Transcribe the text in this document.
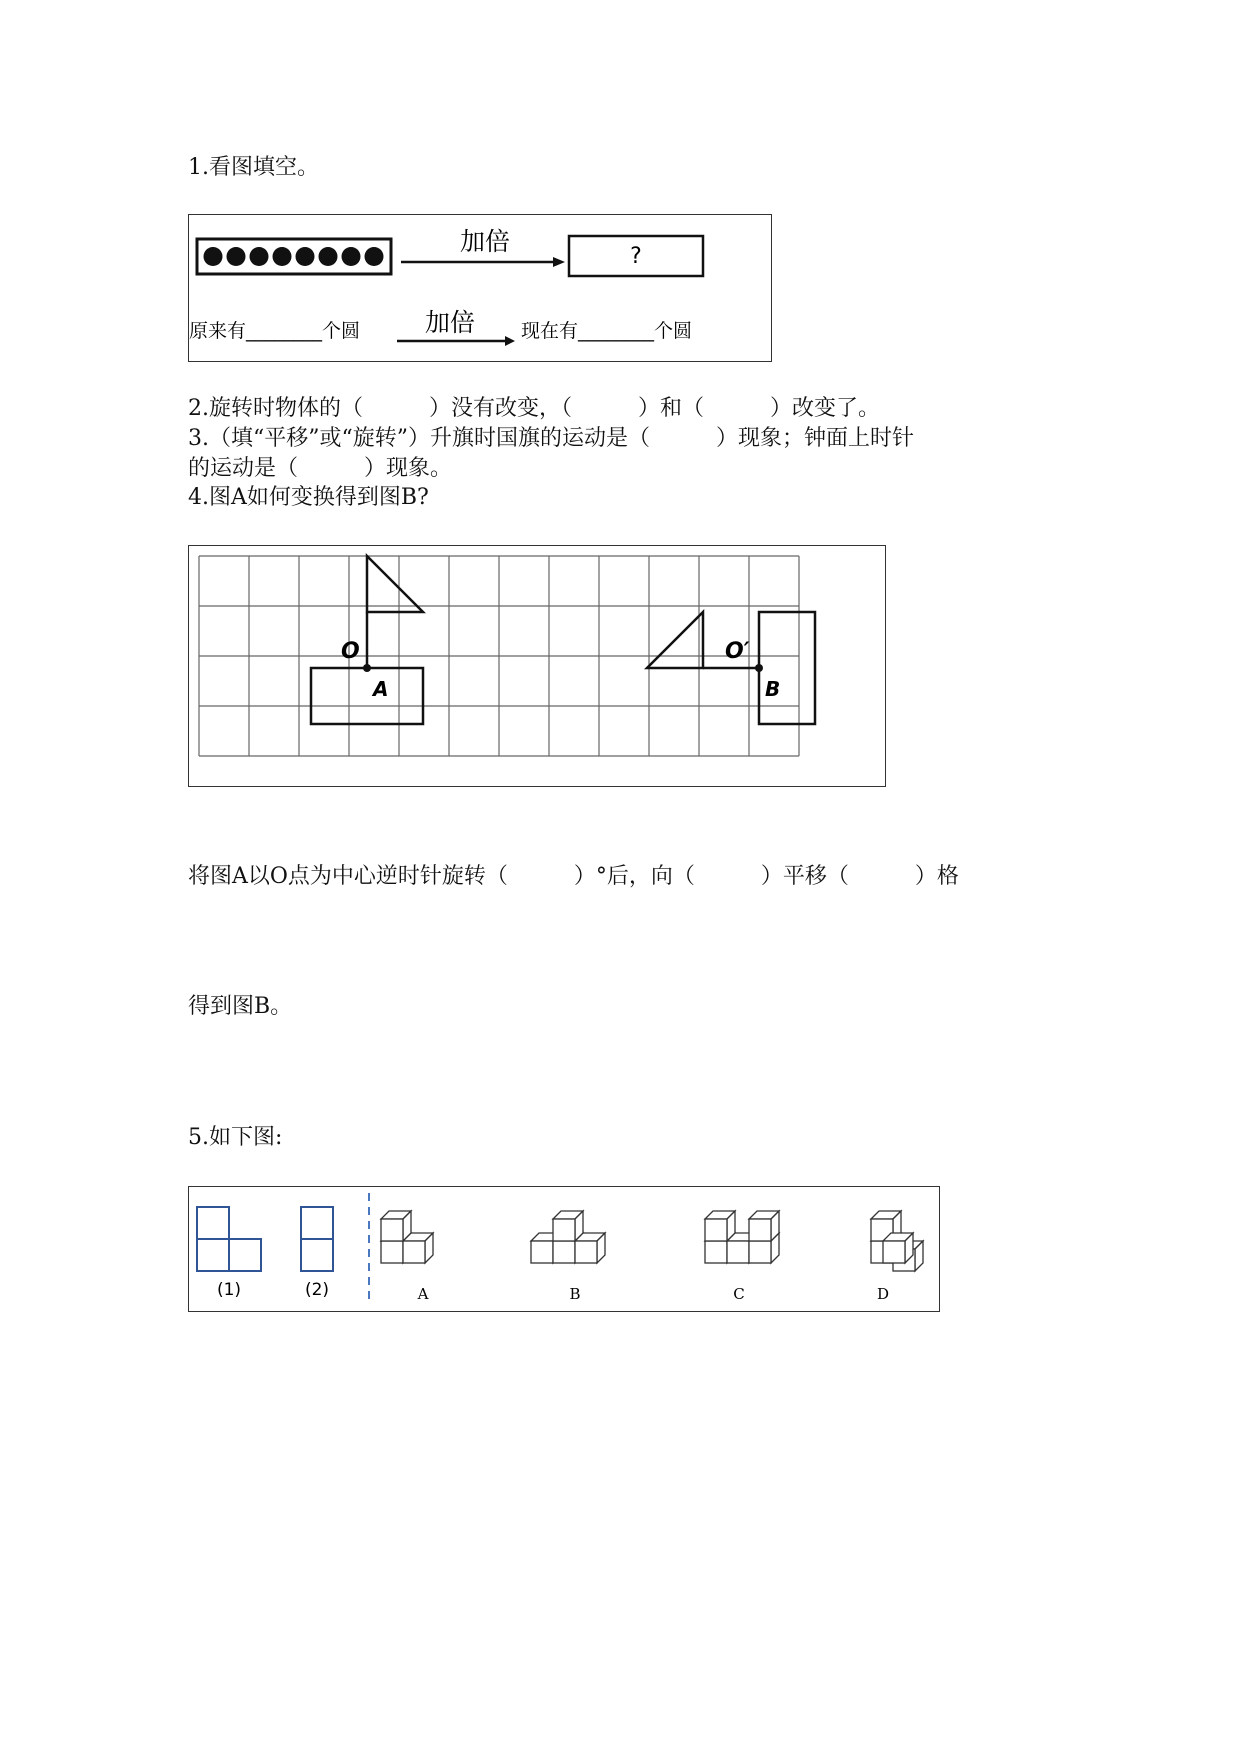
1.看图填空。

加倍
?
原来有________个圆	加倍 现在有________个圆

2.旋转时物体的（　　　）没有改变，（　　　）和（　　　）改变了。

3.（填“平移”或“旋转”）升旗时国旗的运动是（　　　）现象；钟面上时针

的运动是（　　　）现象。

4.图A如何变换得到图B?

O
A
O′
B

将图A以O点为中心逆时针旋转（　　　）°后，向（　　　）平移（　　　）格

得到图B。

5.如下图:

(1)	(2)	A	B	C	D
